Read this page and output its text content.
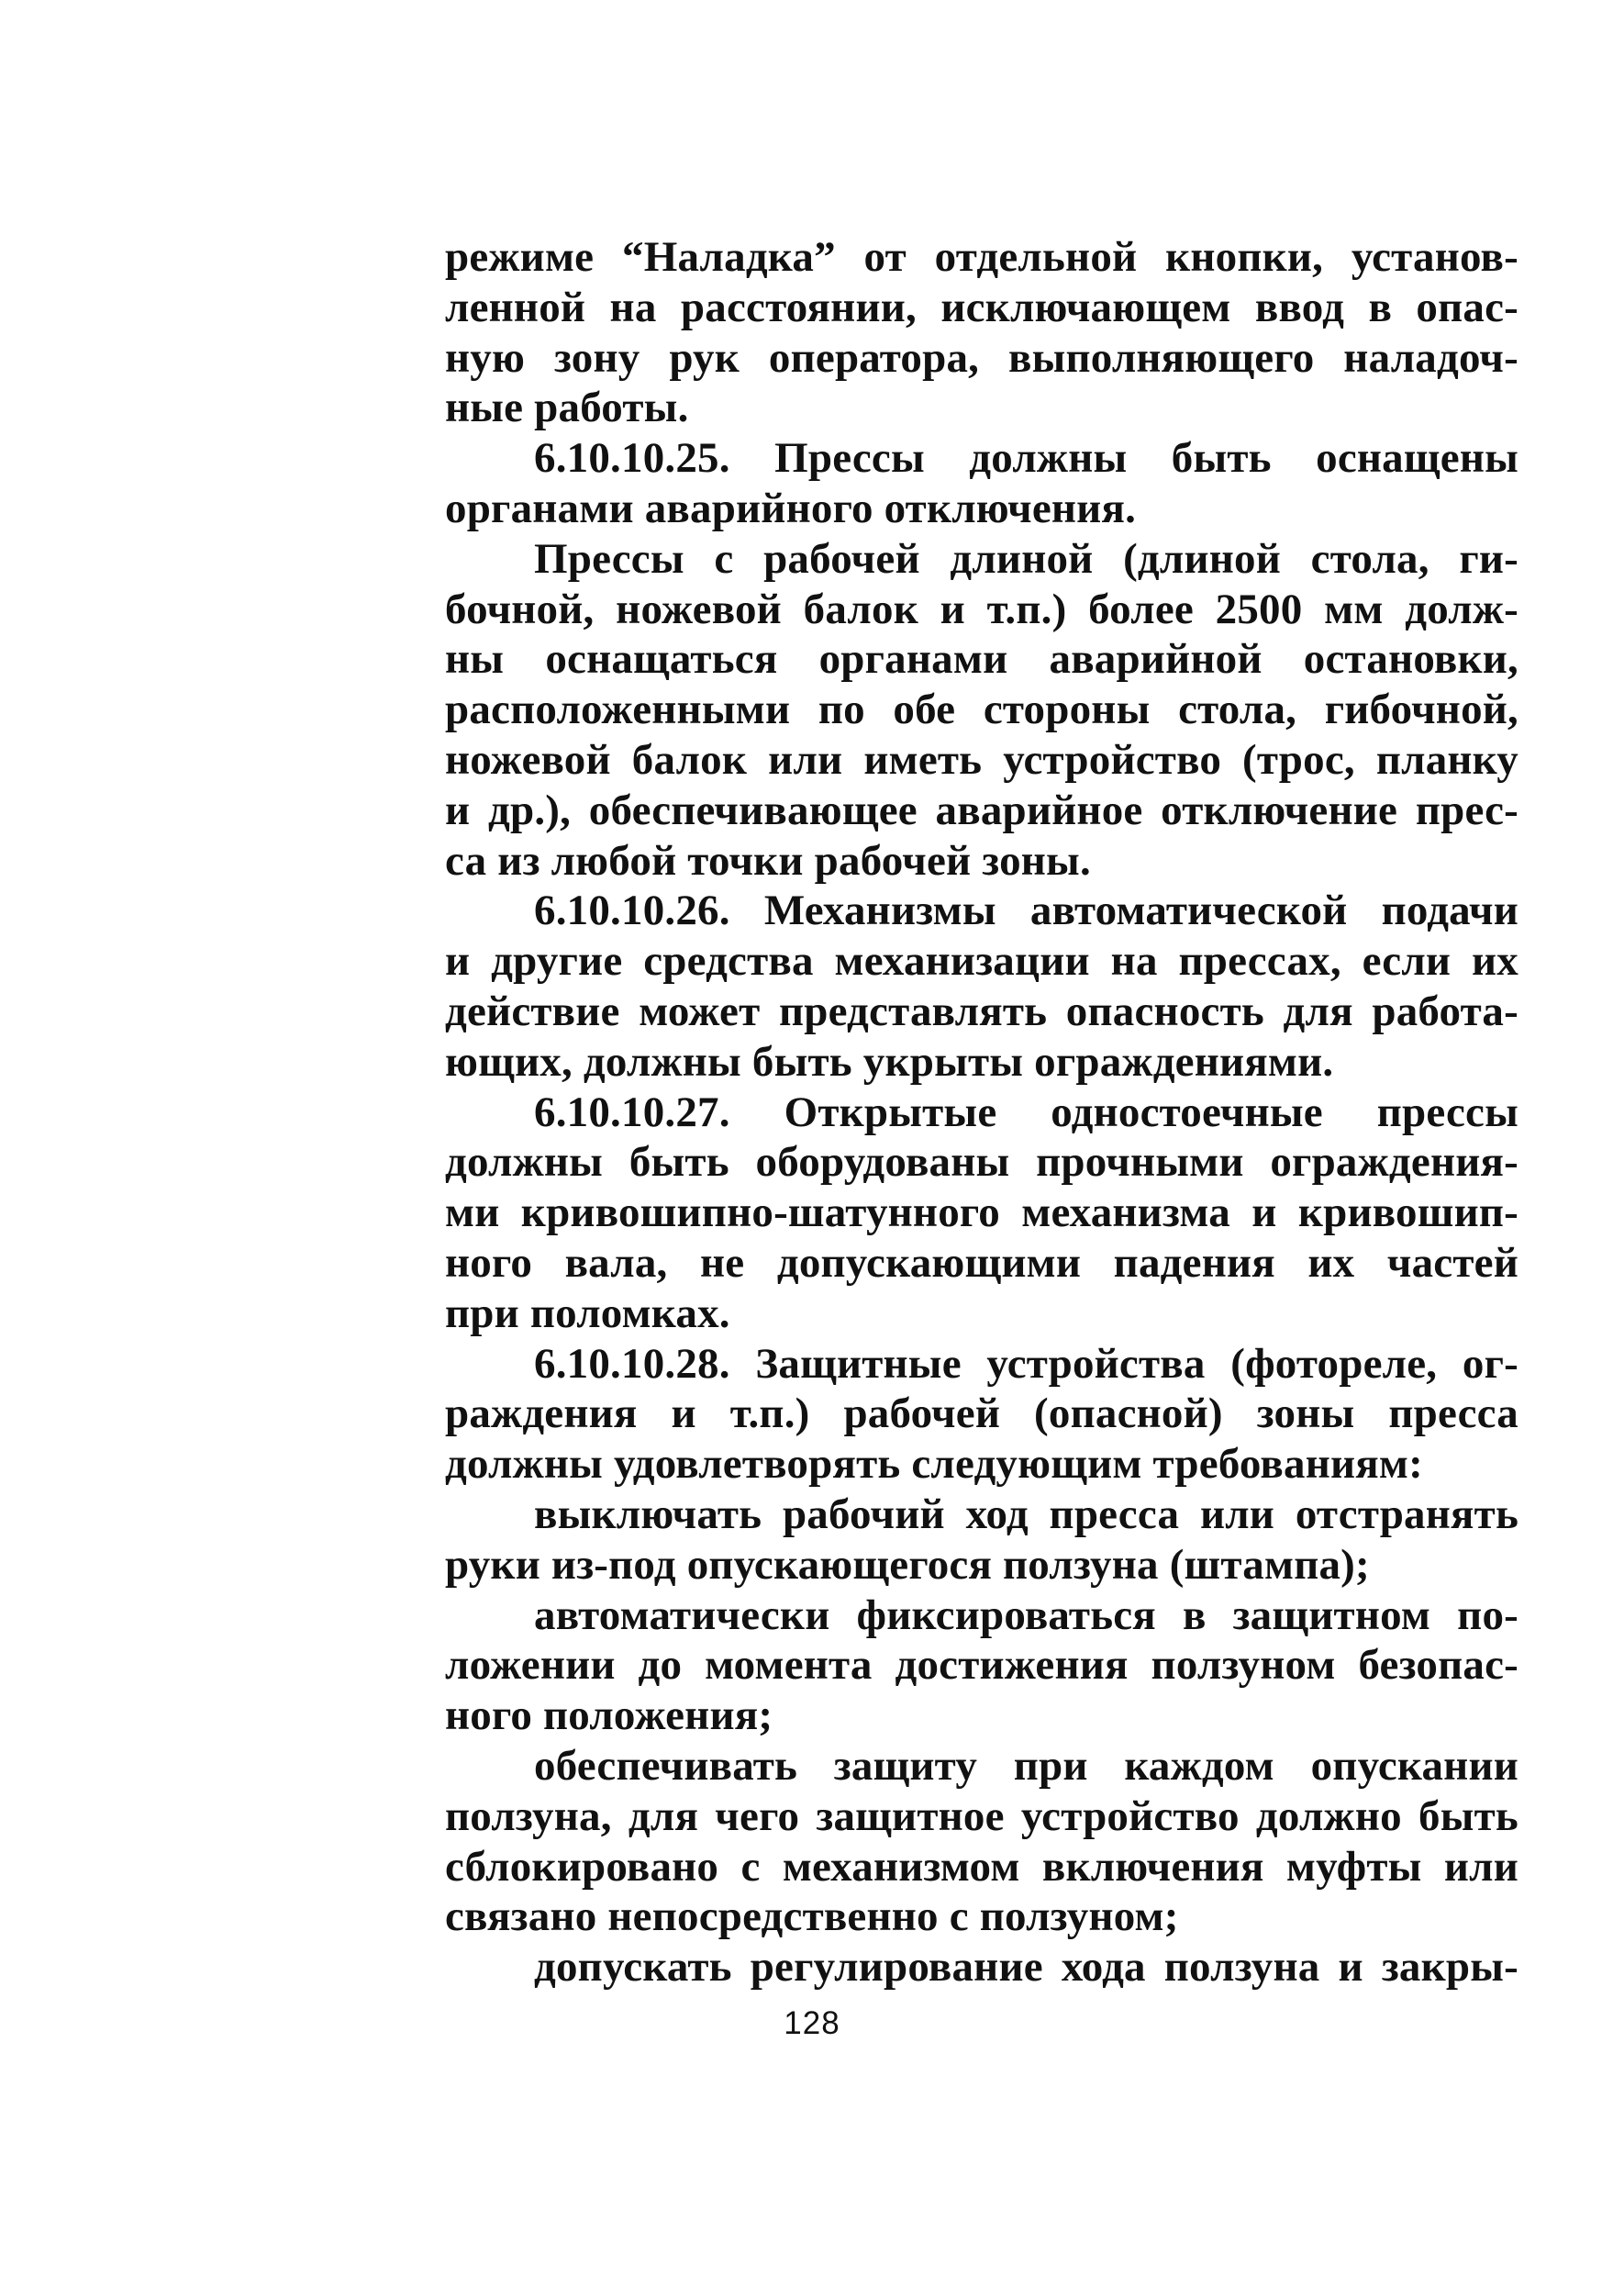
режиме “Наладка” от отдельной кнопки, установ-
ленной на расстоянии, исключающем ввод в опас-
ную зону рук оператора, выполняющего наладоч-
ные работы.
6.10.10.25. Прессы должны быть оснащены
органами аварийного отключения.
Прессы с рабочей длиной (длиной стола, ги-
бочной, ножевой балок и т.п.) более 2500 мм долж-
ны оснащаться органами аварийной остановки,
расположенными по обе стороны стола, гибочной,
ножевой балок или иметь устройство (трос, планку
и др.), обеспечивающее аварийное отключение прес-
са из любой точки рабочей зоны.
6.10.10.26. Механизмы автоматической подачи
и другие средства механизации на прессах, если их
действие может представлять опасность для работа-
ющих, должны быть укрыты ограждениями.
6.10.10.27. Открытые одностоечные прессы
должны быть оборудованы прочными ограждения-
ми кривошипно-шатунного механизма и кривошип-
ного вала, не допускающими падения их частей
при поломках.
6.10.10.28. Защитные устройства (фотореле, ог-
раждения и т.п.) рабочей (опасной) зоны пресса
должны удовлетворять следующим требованиям:
выключать рабочий ход пресса или отстранять
руки из-под опускающегося ползуна (штампа);
автоматически фиксироваться в защитном по-
ложении до момента достижения ползуном безопас-
ного положения;
обеспечивать защиту при каждом опускании
ползуна, для чего защитное устройство должно быть
сблокировано с механизмом включения муфты или
связано непосредственно с ползуном;
допускать регулирование хода ползуна и закры-
128
